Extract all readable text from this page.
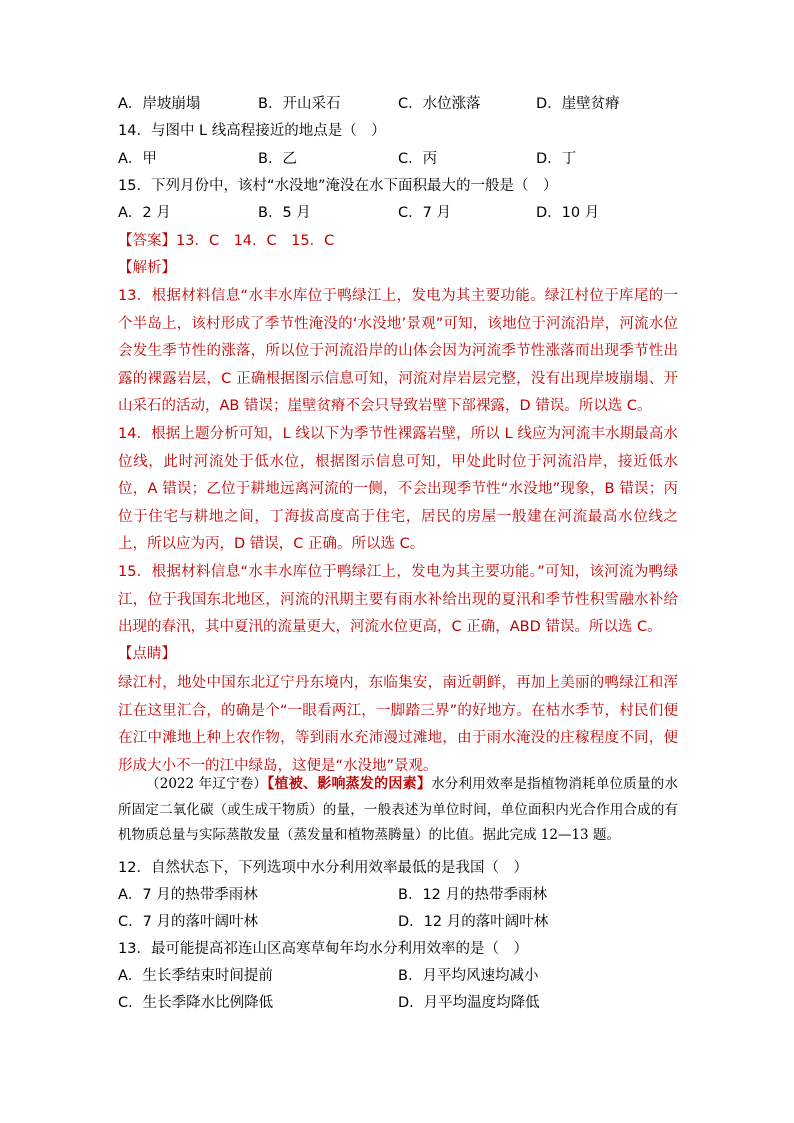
A．岸坡崩塌	B．开山采石	C．水位涨落	D．崖壁贫瘠
14．与图中 L 线高程接近的地点是（　）
A．甲	B．乙	C．丙	D．丁
15．下列月份中，该村“水没地”淹没在水下面积最大的一般是（　）
A．2 月	B．5 月	C．7 月	D．10 月
【答案】13．C　14．C　15．C
【解析】
13．根据材料信息“水丰水库位于鸭绿江上，发电为其主要功能。绿江村位于库尾的一个半岛上，该村形成了季节性淹没的‘水没地’景观”可知，该地位于河流沿岸，河流水位会发生季节性的涨落，所以位于河流沿岸的山体会因为河流季节性涨落而出现季节性出露的裸露岩层，C 正确根据图示信息可知，河流对岸岩层完整，没有出现岸坡崩塌、开山采石的活动，AB 错误；崖壁贫瘠不会只导致岩壁下部裸露，D 错误。所以选 C。
14．根据上题分析可知，L 线以下为季节性裸露岩壁，所以 L 线应为河流丰水期最高水位线，此时河流处于低水位，根据图示信息可知，甲处此时位于河流沿岸，接近低水位，A 错误；乙位于耕地远离河流的一侧，不会出现季节性“水没地”现象，B 错误；丙位于住宅与耕地之间，丁海拔高度高于住宅，居民的房屋一般建在河流最高水位线之上，所以应为丙，D 错误，C 正确。所以选 C。
15．根据材料信息“水丰水库位于鸭绿江上，发电为其主要功能。”可知，该河流为鸭绿江，位于我国东北地区，河流的汛期主要有雨水补给出现的夏汛和季节性积雪融水补给出现的春汛，其中夏汛的流量更大，河流水位更高，C 正确，ABD 错误。所以选 C。
【点睛】
绿江村，地处中国东北辽宁丹东境内，东临集安，南近朝鲜，再加上美丽的鸭绿江和浑江在这里汇合，的确是个“一眼看两江，一脚踏三界”的好地方。在枯水季节，村民们便在江中滩地上种上农作物，等到雨水充沛漫过滩地，由于雨水淹没的庄稼程度不同，便形成大小不一的江中绿岛，这便是“水没地”景观。
（2022 年辽宁卷）【植被、影响蒸发的因素】水分利用效率是指植物消耗单位质量的水所固定二氧化碳（或生成干物质）的量，一般表述为单位时间，单位面积内光合作用合成的有机物质总量与实际蒸散发量（蒸发量和植物蒸腾量）的比值。据此完成 12—13 题。
12．自然状态下，下列选项中水分利用效率最低的是我国（　）
A．7 月的热带季雨林	B．12 月的热带季雨林
C．7 月的落叶阔叶林	D．12 月的落叶阔叶林
13．最可能提高祁连山区高寒草甸年均水分利用效率的是（　）
A．生长季结束时间提前	B．月平均风速均减小
C．生长季降水比例降低	D．月平均温度均降低
